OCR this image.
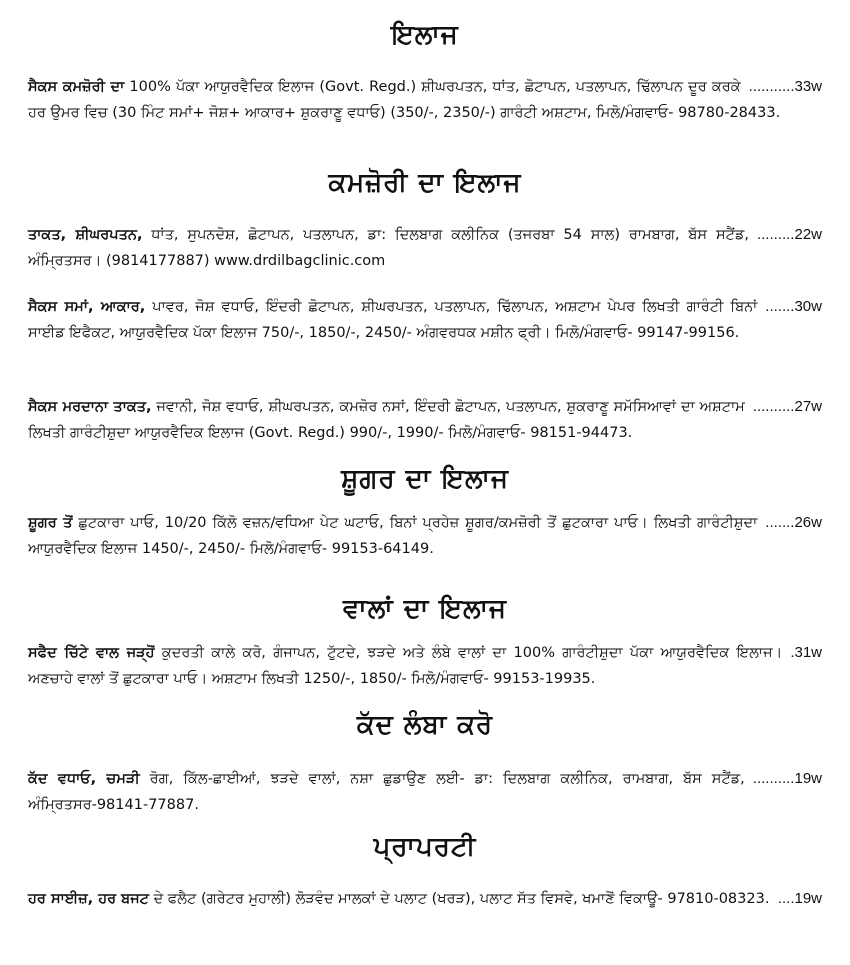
ਇਲਾਜ
...........33w
ਸੈਕਸ ਕਮਜ਼ੋਰੀ ਦਾ 100% ਪੱਕਾ ਆਯੁਰਵੈਦਿਕ ਇਲਾਜ (Govt. Regd.) ਸ਼ੀਘਰਪਤਨ, ਧਾਂਤ, ਛੋਟਾਪਨ, ਪਤਲਾਪਨ, ਢਿੱਲਾਪਨ ਦੂਰ ਕਰਕੇ ਹਰ ਉਮਰ ਵਿਚ (30 ਮਿੰਟ ਸਮਾਂ+ ਜੋਸ਼+ ਆਕਾਰ+ ਸ਼ੁਕਰਾਣੂ ਵਧਾਓ) (350/-, 2350/-) ਗਾਰੰਟੀ ਅਸ਼ਟਾਮ, ਮਿਲੋ/ਮੰਗਵਾਓ- 98780-28433.
ਕਮਜ਼ੋਰੀ ਦਾ ਇਲਾਜ
.........22w
ਤਾਕਤ, ਸ਼ੀਘਰਪਤਨ, ਧਾਂਤ, ਸੁਪਨਦੋਸ਼, ਛੋਟਾਪਨ, ਪਤਲਾਪਨ, ਡਾ: ਦਿਲਬਾਗ ਕਲੀਨਿਕ (ਤਜਰਬਾ 54 ਸਾਲ) ਰਾਮਬਾਗ, ਬੱਸ ਸਟੈਂਡ, ਅੰਮ੍ਰਿਤਸਰ। (9814177887) www.drdilbagclinic.com
.......30w
ਸੈਕਸ ਸਮਾਂ, ਆਕਾਰ, ਪਾਵਰ, ਜੋਸ਼ ਵਧਾਓ, ਇੰਦਰੀ ਛੋਟਾਪਨ, ਸ਼ੀਘਰਪਤਨ, ਪਤਲਾਪਨ, ਢਿੱਲਾਪਨ, ਅਸ਼ਟਾਮ ਪੇਪਰ ਲਿਖਤੀ ਗਾਰੰਟੀ ਬਿਨਾਂ ਸਾਈਡ ਇਫੈਕਟ, ਆਯੁਰਵੈਦਿਕ ਪੱਕਾ ਇਲਾਜ 750/-, 1850/-, 2450/- ਅੰਗਵਰਧਕ ਮਸ਼ੀਨ ਫ੍ਰੀ। ਮਿਲੋ/ਮੰਗਵਾਓ- 99147-99156.
..........27w
ਸੈਕਸ ਮਰਦਾਨਾ ਤਾਕਤ, ਜਵਾਨੀ, ਜੋਸ਼ ਵਧਾਓ, ਸ਼ੀਘਰਪਤਨ, ਕਮਜ਼ੋਰ ਨਸਾਂ, ਇੰਦਰੀ ਛੋਟਾਪਨ, ਪਤਲਾਪਨ, ਸ਼ੁਕਰਾਣੂ ਸਮੱਸਿਆਵਾਂ ਦਾ ਅਸ਼ਟਾਮ ਲਿਖਤੀ ਗਾਰੰਟੀਸ਼ੁਦਾ ਆਯੁਰਵੈਦਿਕ ਇਲਾਜ (Govt. Regd.) 990/-, 1990/- ਮਿਲੋ/ਮੰਗਵਾਓ- 98151-94473.
ਸ਼ੂਗਰ ਦਾ ਇਲਾਜ
.......26w
ਸ਼ੂਗਰ ਤੋਂ ਛੁਟਕਾਰਾ ਪਾਓ, 10/20 ਕਿੱਲੋ ਵਜ਼ਨ/ਵਧਿਆ ਪੇਟ ਘਟਾਓ, ਬਿਨਾਂ ਪ੍ਰਹੇਜ਼ ਸ਼ੂਗਰ/ਕਮਜ਼ੋਰੀ ਤੋਂ ਛੁਟਕਾਰਾ ਪਾਓ। ਲਿਖਤੀ ਗਾਰੰਟੀਸ਼ੁਦਾ ਆਯੁਰਵੈਦਿਕ ਇਲਾਜ 1450/-, 2450/- ਮਿਲੋ/ਮੰਗਵਾਓ- 99153-64149.
ਵਾਲਾਂ ਦਾ ਇਲਾਜ
.31w
ਸਫੈਦ ਚਿੱਟੇ ਵਾਲ ਜੜ੍ਹੋਂ ਕੁਦਰਤੀ ਕਾਲੇ ਕਰੋ, ਗੰਜਾਪਨ, ਟੁੱਟਦੇ, ਝੜਦੇ ਅਤੇ ਲੰਬੇ ਵਾਲਾਂ ਦਾ 100% ਗਾਰੰਟੀਸ਼ੁਦਾ ਪੱਕਾ ਆਯੁਰਵੈਦਿਕ ਇਲਾਜ। ਅਣਚਾਹੇ ਵਾਲਾਂ ਤੋਂ ਛੁਟਕਾਰਾ ਪਾਓ। ਅਸ਼ਟਾਮ ਲਿਖਤੀ 1250/-, 1850/- ਮਿਲੋ/ਮੰਗਵਾਓ- 99153-19935.
ਕੱਦ ਲੰਬਾ ਕਰੋ
..........19w
ਕੱਦ ਵਧਾਓ, ਚਮੜੀ ਰੋਗ, ਕਿੱਲ-ਛਾਈਆਂ, ਝੜਦੇ ਵਾਲਾਂ, ਨਸ਼ਾ ਛੁਡਾਉਣ ਲਈ- ਡਾ: ਦਿਲਬਾਗ ਕਲੀਨਿਕ, ਰਾਮਬਾਗ, ਬੱਸ ਸਟੈਂਡ, ਅੰਮ੍ਰਿਤਸਰ-98141-77887.
ਪ੍ਰਾਪਰਟੀ
....19w
ਹਰ ਸਾਈਜ਼, ਹਰ ਬਜਟ ਦੇ ਫਲੈਟ (ਗਰੇਟਰ ਮੁਹਾਲੀ) ਲੋੜਵੰਦ ਮਾਲਕਾਂ ਦੇ ਪਲਾਟ (ਖਰੜ), ਪਲਾਟ ਸੱਤ ਵਿਸਵੇ, ਖਮਾਣੋਂ ਵਿਕਾਊ- 97810-08323.
